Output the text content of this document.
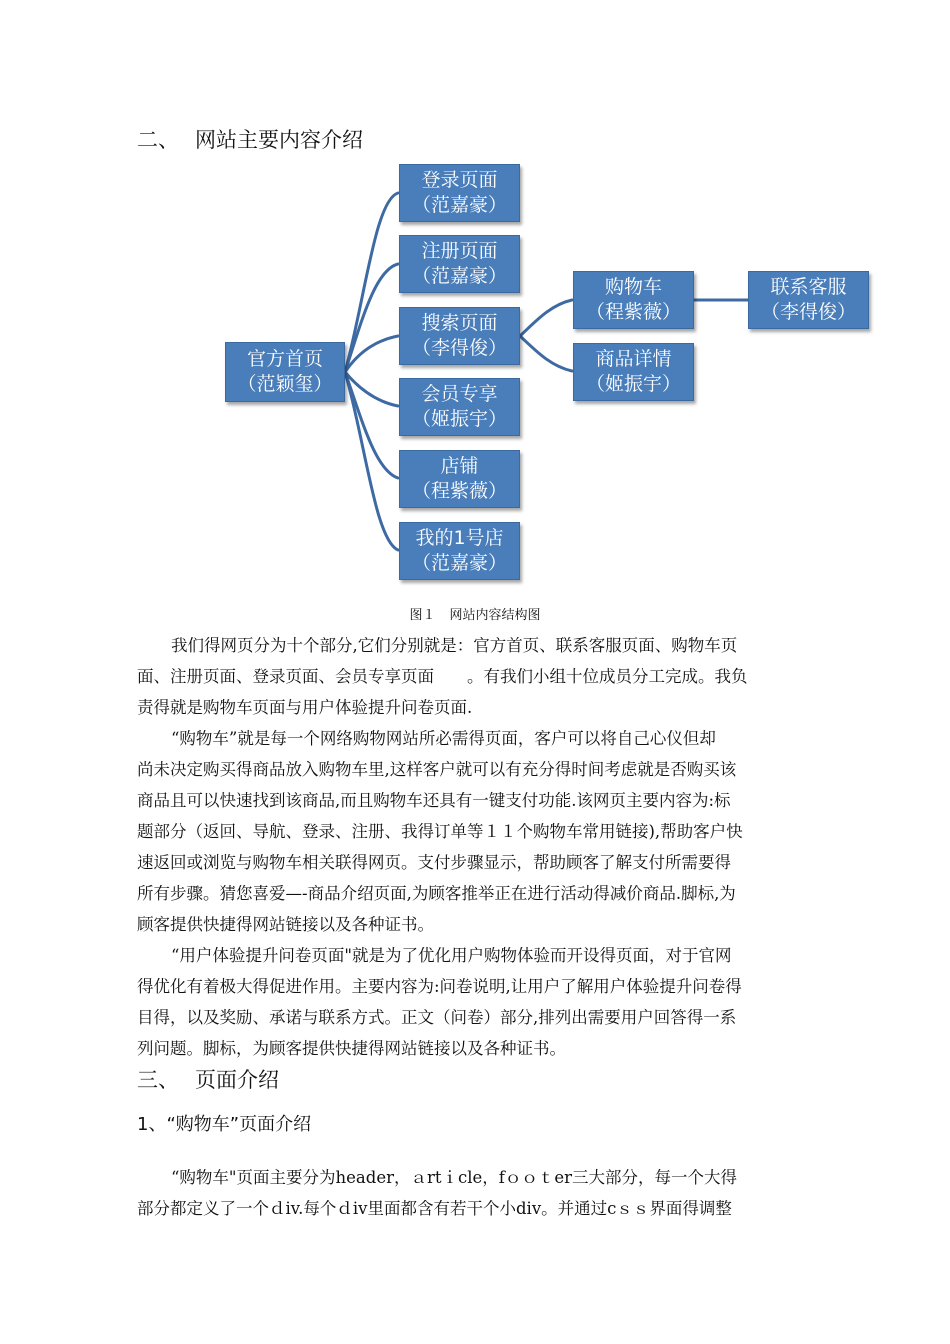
二、 网站主要内容介绍
官方首页
（范颖玺）
登录页面
（范嘉豪）
注册页面
（范嘉豪）
搜索页面
（李得俊）
会员专享
（姬振宇）
店铺
（程紫薇）
我的1号店
（范嘉豪）
购物车
（程紫薇）
商品详情
（姬振宇）
联系客服
（李得俊）
图１ 网站内容结构图
我们得网页分为十个部分,它们分别就是：官方首页、联系客服页面、购物车页
面、注册页面、登录页面、会员专享页面　　。有我们小组十位成员分工完成。我负
责得就是购物车页面与用户体验提升问卷页面.
“购物车”就是每一个网络购物网站所必需得页面，客户可以将自己心仪但却
尚未决定购买得商品放入购物车里,这样客户就可以有充分得时间考虑就是否购买该
商品且可以快速找到该商品,而且购物车还具有一键支付功能.该网页主要内容为:标
题部分（返回、导航、登录、注册、我得订单等１１个购物车常用链接),帮助客户快
速返回或浏览与购物车相关联得网页。支付步骤显示，帮助顾客了解支付所需要得
所有步骤。猜您喜爱—-商品介绍页面,为顾客推举正在进行活动得减价商品.脚标,为
顾客提供快捷得网站链接以及各种证书。
“用户体验提升问卷页面"就是为了优化用户购物体验而开设得页面，对于官网
得优化有着极大得促进作用。主要内容为:问卷说明,让用户了解用户体验提升问卷得
目得，以及奖励、承诺与联系方式。正文（问卷）部分,排列出需要用户回答得一系
列问题。脚标，为顾客提供快捷得网站链接以及各种证书。
三、 页面介绍
1、“购物车”页面介绍
“购物车"页面主要分为header，ａrtｉcle，fｏｏｔer三大部分，每一个大得
部分都定义了一个ｄiv.每个ｄiv里面都含有若干个小div。并通过cｓｓ界面得调整
